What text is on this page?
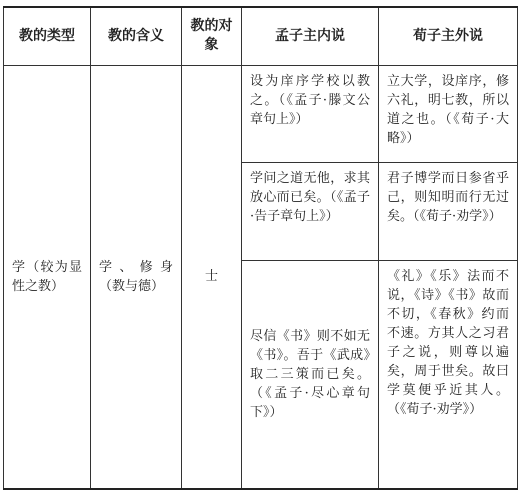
教的类型	教的含义	教的对象	孟子主内说	荀子主外说
学（较为显性之教）	学、修身（教与德）	士	设为庠序学校以教之。（《孟子·滕文公章句上》）	立大学，设庠序，修六礼，明七教，所以道之也。（《荀子·大略》）
			学问之道无他，求其放心而已矣。（《孟子·告子章句上》）	君子博学而日参省乎己，则知明而行无过矣。（《荀子·劝学》）
			尽信《书》则不如无《书》。吾于《武成》取二三策而已矣。（《孟子·尽心章句下》）	《礼》《乐》法而不说，《诗》《书》故而不切，《春秋》约而不速。方其人之习君子之说，则尊以遍矣，周于世矣。故曰学莫便乎近其人。（《荀子·劝学》）
